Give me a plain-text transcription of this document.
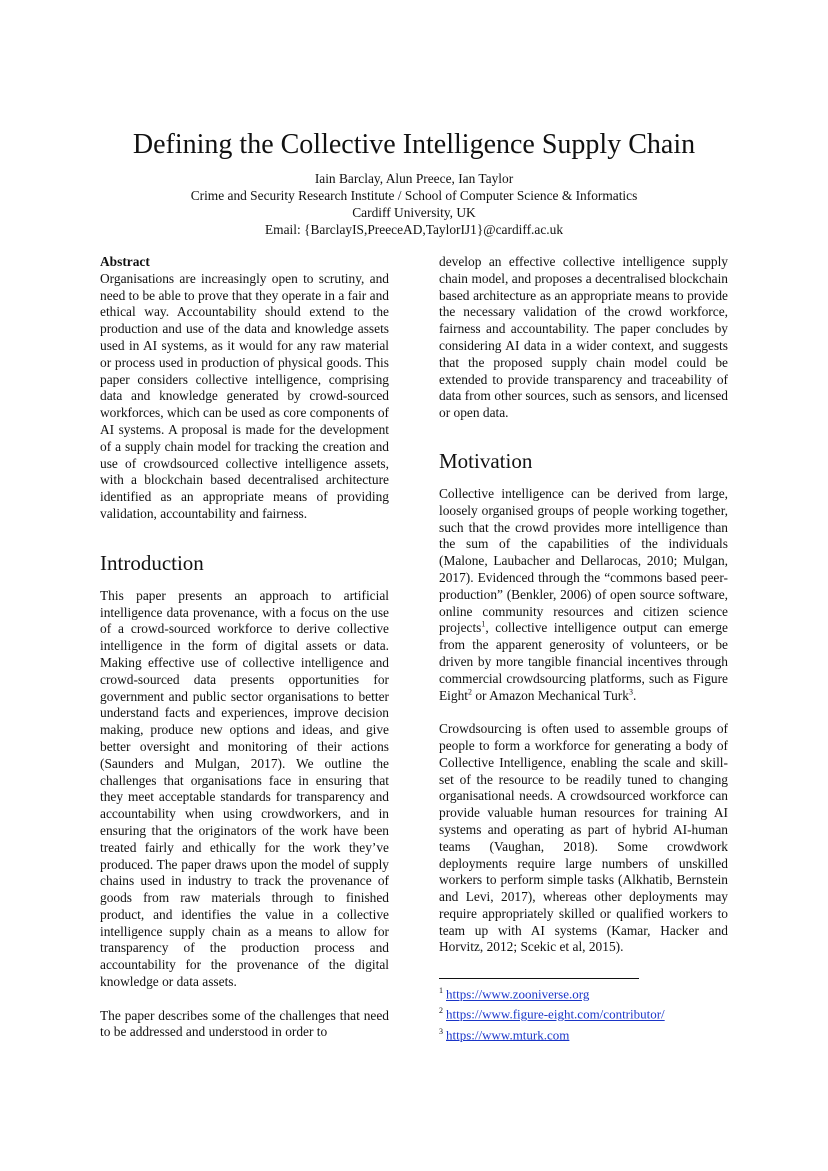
Defining the Collective Intelligence Supply Chain
Iain Barclay, Alun Preece, Ian Taylor
Crime and Security Research Institute / School of Computer Science & Informatics
Cardiff University, UK
Email: {BarclayIS,PreeceAD,TaylorIJ1}@cardiff.ac.uk
Abstract

Organisations are increasingly open to scrutiny, and need to be able to prove that they operate in a fair and ethical way. Accountability should extend to the production and use of the data and knowledge assets used in AI systems, as it would for any raw material or process used in production of physical goods. This paper considers collective intelligence, comprising data and knowledge generated by crowd-sourced workforces, which can be used as core components of AI systems. A proposal is made for the development of a supply chain model for tracking the creation and use of crowdsourced collective intelligence assets, with a blockchain based decentralised architecture identified as an appropriate means of providing validation, accountability and fairness.

Introduction

This paper presents an approach to artificial intelligence data provenance, with a focus on the use of a crowd-sourced workforce to derive collective intelligence in the form of digital assets or data. Making effective use of collective intelligence and crowd-sourced data presents opportunities for government and public sector organisations to better understand facts and experiences, improve decision making, produce new options and ideas, and give better oversight and monitoring of their actions (Saunders and Mulgan, 2017). We outline the challenges that organisations face in ensuring that they meet acceptable standards for transparency and accountability when using crowdworkers, and in ensuring that the originators of the work have been treated fairly and ethically for the work they’ve produced. The paper draws upon the model of supply chains used in industry to track the provenance of goods from raw materials through to finished product, and identifies the value in a collective intelligence supply chain as a means to allow for transparency of the production process and accountability for the provenance of the digital knowledge or data assets.

The paper describes some of the challenges that need to be addressed and understood in order to

develop an effective collective intelligence supply chain model, and proposes a decentralised blockchain based architecture as an appropriate means to provide the necessary validation of the crowd workforce, fairness and accountability. The paper concludes by considering AI data in a wider context, and suggests that the proposed supply chain model could be extended to provide transparency and traceability of data from other sources, such as sensors, and licensed or open data.

Motivation

Collective intelligence can be derived from large, loosely organised groups of people working together, such that the crowd provides more intelligence than the sum of the capabilities of the individuals (Malone, Laubacher and Dellarocas, 2010; Mulgan, 2017). Evidenced through the “commons based peer-production” (Benkler, 2006) of open source software, online community resources and citizen science projects$^1$, collective intelligence output can emerge from the apparent generosity of volunteers, or be driven by more tangible financial incentives through commercial crowdsourcing platforms, such as Figure Eight$^2$ or Amazon Mechanical Turk$^3$.

Crowdsourcing is often used to assemble groups of people to form a workforce for generating a body of Collective Intelligence, enabling the scale and skill-set of the resource to be readily tuned to changing organisational needs. A crowdsourced workforce can provide valuable human resources for training AI systems and operating as part of hybrid AI-human teams (Vaughan, 2018). Some crowdwork deployments require large numbers of unskilled workers to perform simple tasks (Alkhatib, Bernstein and Levi, 2017), whereas other deployments may require appropriately skilled or qualified workers to team up with AI systems (Kamar, Hacker and Horvitz, 2012; Scekic et al, 2015).

$^1$ https://www.zooniverse.org
$^2$ https://www.figure-eight.com/contributor/
$^3$ https://www.mturk.com
